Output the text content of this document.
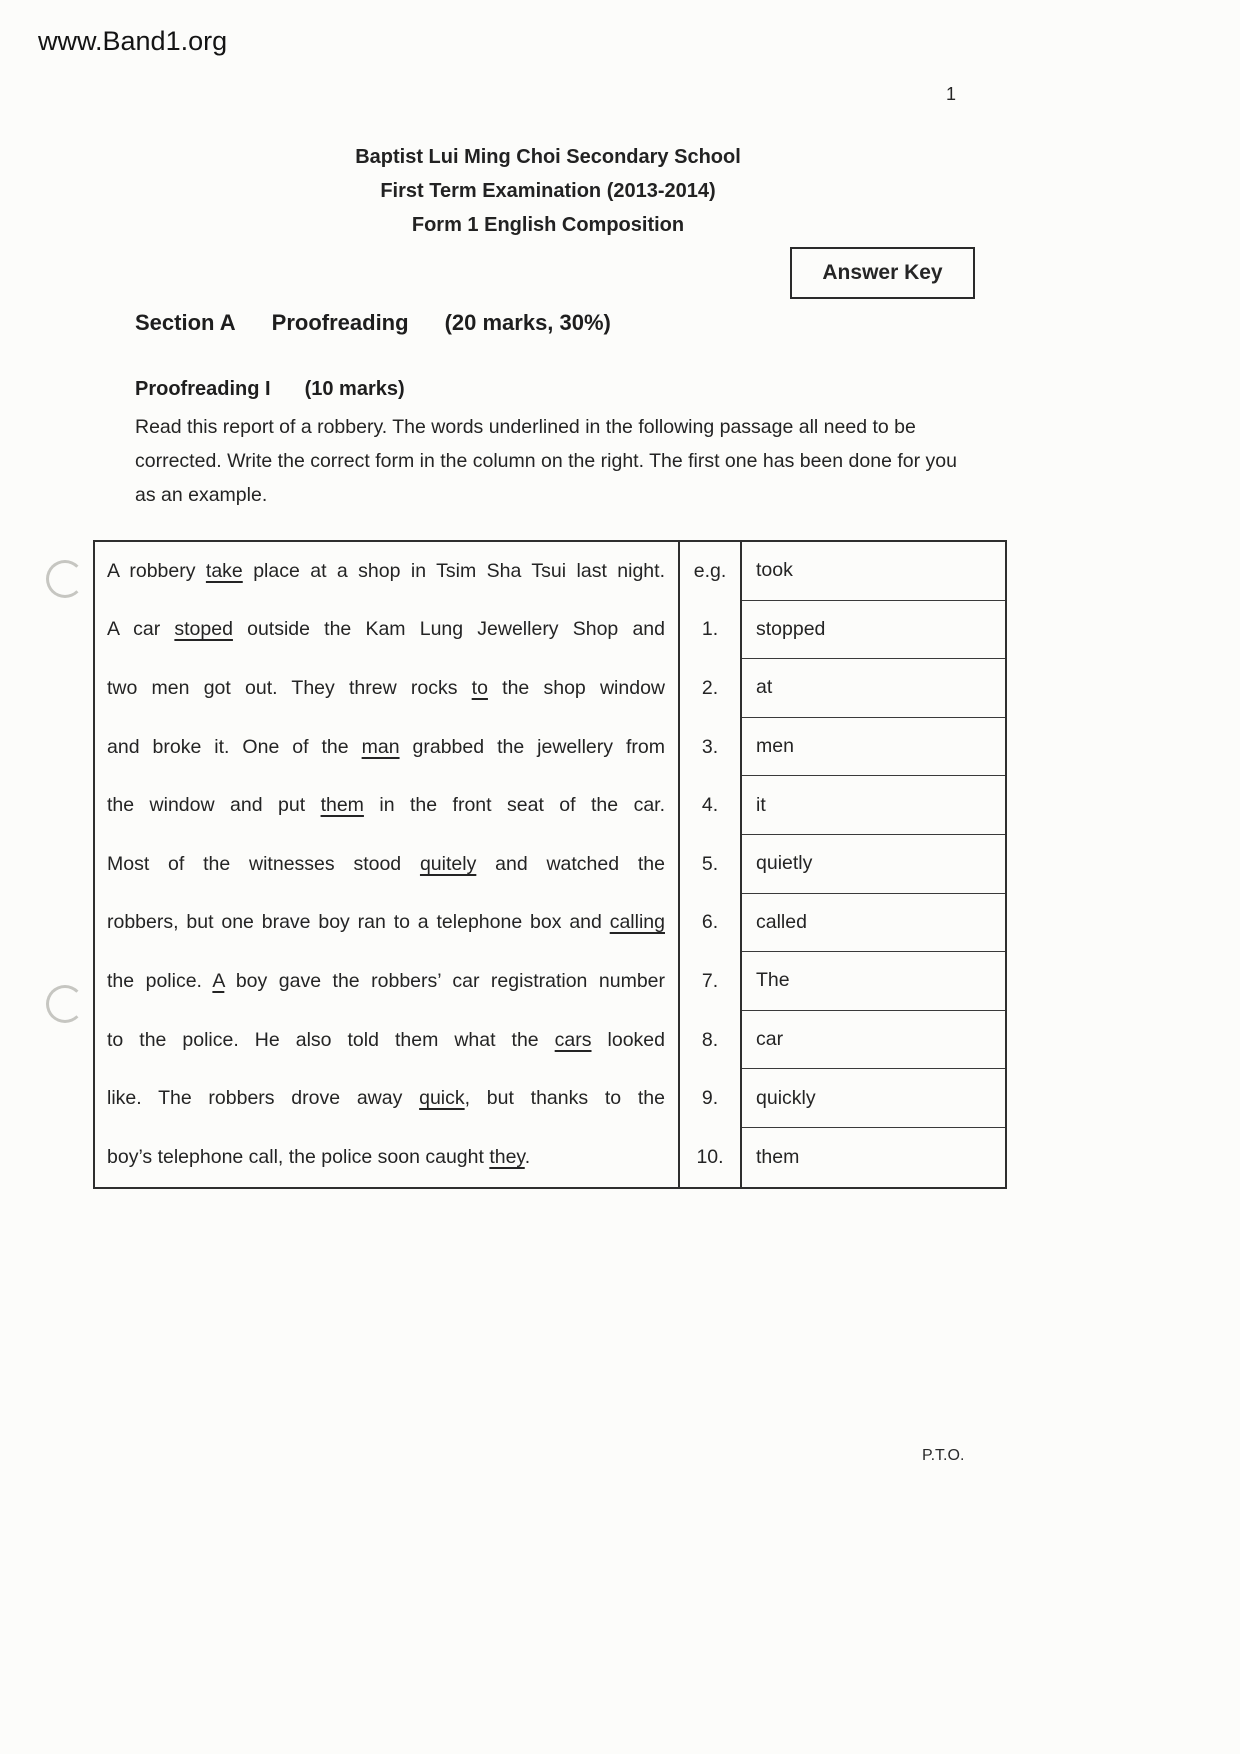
www.Band1.org
1
Baptist Lui Ming Choi Secondary School
First Term Examination (2013-2014)
Form 1 English Composition
Answer Key
Section A Proofreading (20 marks, 30%)
Proofreading I (10 marks)
Read this report of a robbery. The words underlined in the following passage all need to be corrected. Write the correct form in the column on the right. The first one has been done for you as an example.
A robbery take place at a shop in Tsim Sha Tsui last night.	e.g.	took
A car stoped outside the Kam Lung Jewellery Shop and	1.	stopped
two men got out. They threw rocks to the shop window	2.	at
and broke it. One of the man grabbed the jewellery from	3.	men
the window and put them in the front seat of the car.	4.	it
Most of the witnesses stood quitely and watched the	5.	quietly
robbers, but one brave boy ran to a telephone box and calling	6.	called
the police. A boy gave the robbers’ car registration number	7.	The
to the police. He also told them what the cars looked	8.	car
like. The robbers drove away quick, but thanks to the	9.	quickly
boy’s telephone call, the police soon caught they.	10.	them
P.T.O.
